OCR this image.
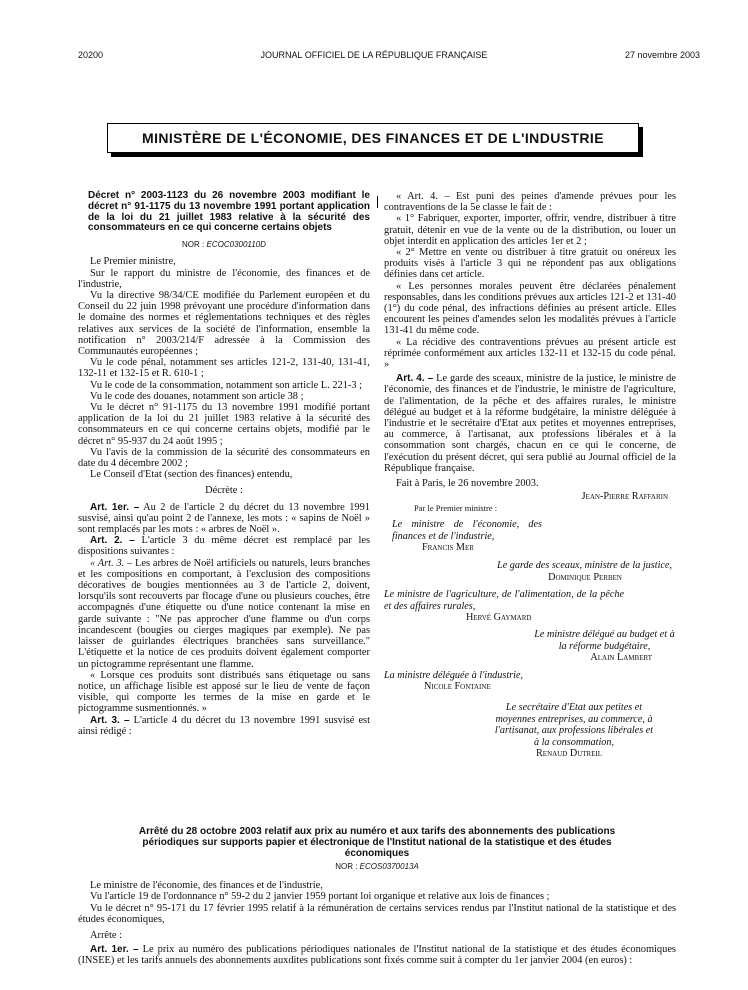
20200	JOURNAL OFFICIEL DE LA RÉPUBLIQUE FRANÇAISE	27 novembre 2003
MINISTÈRE DE L'ÉCONOMIE, DES FINANCES ET DE L'INDUSTRIE

Décret n° 2003-1123 du 26 novembre 2003 modifiant le décret n° 91-1175 du 13 novembre 1991 portant application de la loi du 21 juillet 1983 relative à la sécurité des consommateurs en ce qui concerne certains objets

NOR : ECOC0300110D

Le Premier ministre,

Sur le rapport du ministre de l'économie, des finances et de l'industrie,

Vu la directive 98/34/CE modifiée du Parlement européen et du Conseil du 22 juin 1998 prévoyant une procédure d'information dans le domaine des normes et réglementations techniques et des règles relatives aux services de la société de l'information, ensemble la notification n° 2003/214/F adressée à la Commission des Communautés européennes ;

Vu le code pénal, notamment ses articles 121-2, 131-40, 131-41, 132-11 et 132-15 et R. 610-1 ;

Vu le code de la consommation, notamment son article L. 221-3 ;

Vu le code des douanes, notamment son article 38 ;

Vu le décret n° 91-1175 du 13 novembre 1991 modifié portant application de la loi du 21 juillet 1983 relative à la sécurité des consommateurs en ce qui concerne certains objets, modifié par le décret n° 95-937 du 24 août 1995 ;

Vu l'avis de la commission de la sécurité des consommateurs en date du 4 décembre 2002 ;

Le Conseil d'Etat (section des finances) entendu,

Décrète :

Art. 1er. – Au 2 de l'article 2 du décret du 13 novembre 1991 susvisé, ainsi qu'au point 2 de l'annexe, les mots : « sapins de Noël » sont remplacés par les mots : « arbres de Noël ».

Art. 2. – L'article 3 du même décret est remplacé par les dispositions suivantes :

« Art. 3. – Les arbres de Noël artificiels ou naturels, leurs branches et les compositions en comportant, à l'exclusion des compositions décoratives de bougies mentionnées au 3 de l'article 2, doivent, lorsqu'ils sont recouverts par flocage d'une ou plusieurs couches, être accompagnés d'une étiquette ou d'une notice contenant la mise en garde suivante : "Ne pas approcher d'une flamme ou d'un corps incandescent (bougies ou cierges magiques par exemple). Ne pas laisser de guirlandes électriques branchées sans surveillance." L'étiquette et la notice de ces produits doivent également comporter un pictogramme représentant une flamme.

« Lorsque ces produits sont distribués sans étiquetage ou sans notice, un affichage lisible est apposé sur le lieu de vente de façon visible, qui comporte les termes de la mise en garde et le pictogramme susmentionnés. »

Art. 3. – L'article 4 du décret du 13 novembre 1991 susvisé est ainsi rédigé :

« Art. 4. – Est puni des peines d'amende prévues pour les contraventions de la 5e classe le fait de :

« 1° Fabriquer, exporter, importer, offrir, vendre, distribuer à titre gratuit, détenir en vue de la vente ou de la distribution, ou louer un objet interdit en application des articles 1er et 2 ;

« 2° Mettre en vente ou distribuer à titre gratuit ou onéreux les produits visés à l'article 3 qui ne répondent pas aux obligations définies dans cet article.

« Les personnes morales peuvent être déclarées pénalement responsables, dans les conditions prévues aux articles 121-2 et 131-40 (1°) du code pénal, des infractions définies au présent article. Elles encourent les peines d'amendes selon les modalités prévues à l'article 131-41 du même code.

« La récidive des contraventions prévues au présent article est réprimée conformément aux articles 132-11 et 132-15 du code pénal. »

Art. 4. – Le garde des sceaux, ministre de la justice, le ministre de l'économie, des finances et de l'industrie, le ministre de l'agriculture, de l'alimentation, de la pêche et des affaires rurales, le ministre délégué au budget et à la réforme budgétaire, la ministre déléguée à l'industrie et le secrétaire d'Etat aux petites et moyennes entreprises, au commerce, à l'artisanat, aux professions libérales et à la consommation sont chargés, chacun en ce qui le concerne, de l'exécution du présent décret, qui sera publié au Journal officiel de la République française.

Fait à Paris, le 26 novembre 2003.

Jean-Pierre Raffarin

Par le Premier ministre :

Le ministre de l'économie, des finances et de l'industrie,

Francis Mer

Le garde des sceaux, ministre de la justice,

Dominique Perben

Le ministre de l'agriculture, de l'alimentation, de la pêche et des affaires rurales,

Hervé Gaymard

Le ministre délégué au budget et à la réforme budgétaire,

Alain Lambert

La ministre déléguée à l'industrie,

Nicole Fontaine

Le secrétaire d'Etat aux petites et moyennes entreprises, au commerce, à l'artisanat, aux professions libérales et à la consommation,

Renaud Dutreil

Arrêté du 28 octobre 2003 relatif aux prix au numéro et aux tarifs des abonnements des publications périodiques sur supports papier et électronique de l'Institut national de la statistique et des études économiques

NOR : ECOS0370013A

Le ministre de l'économie, des finances et de l'industrie,

Vu l'article 19 de l'ordonnance n° 59-2 du 2 janvier 1959 portant loi organique et relative aux lois de finances ;

Vu le décret n° 95-171 du 17 février 1995 relatif à la rémunération de certains services rendus par l'Institut national de la statistique et des études économiques,

Arrête :

Art. 1er. – Le prix au numéro des publications périodiques nationales de l'Institut national de la statistique et des études économiques (INSEE) et les tarifs annuels des abonnements auxdites publications sont fixés comme suit à compter du 1er janvier 2004 (en euros) :
